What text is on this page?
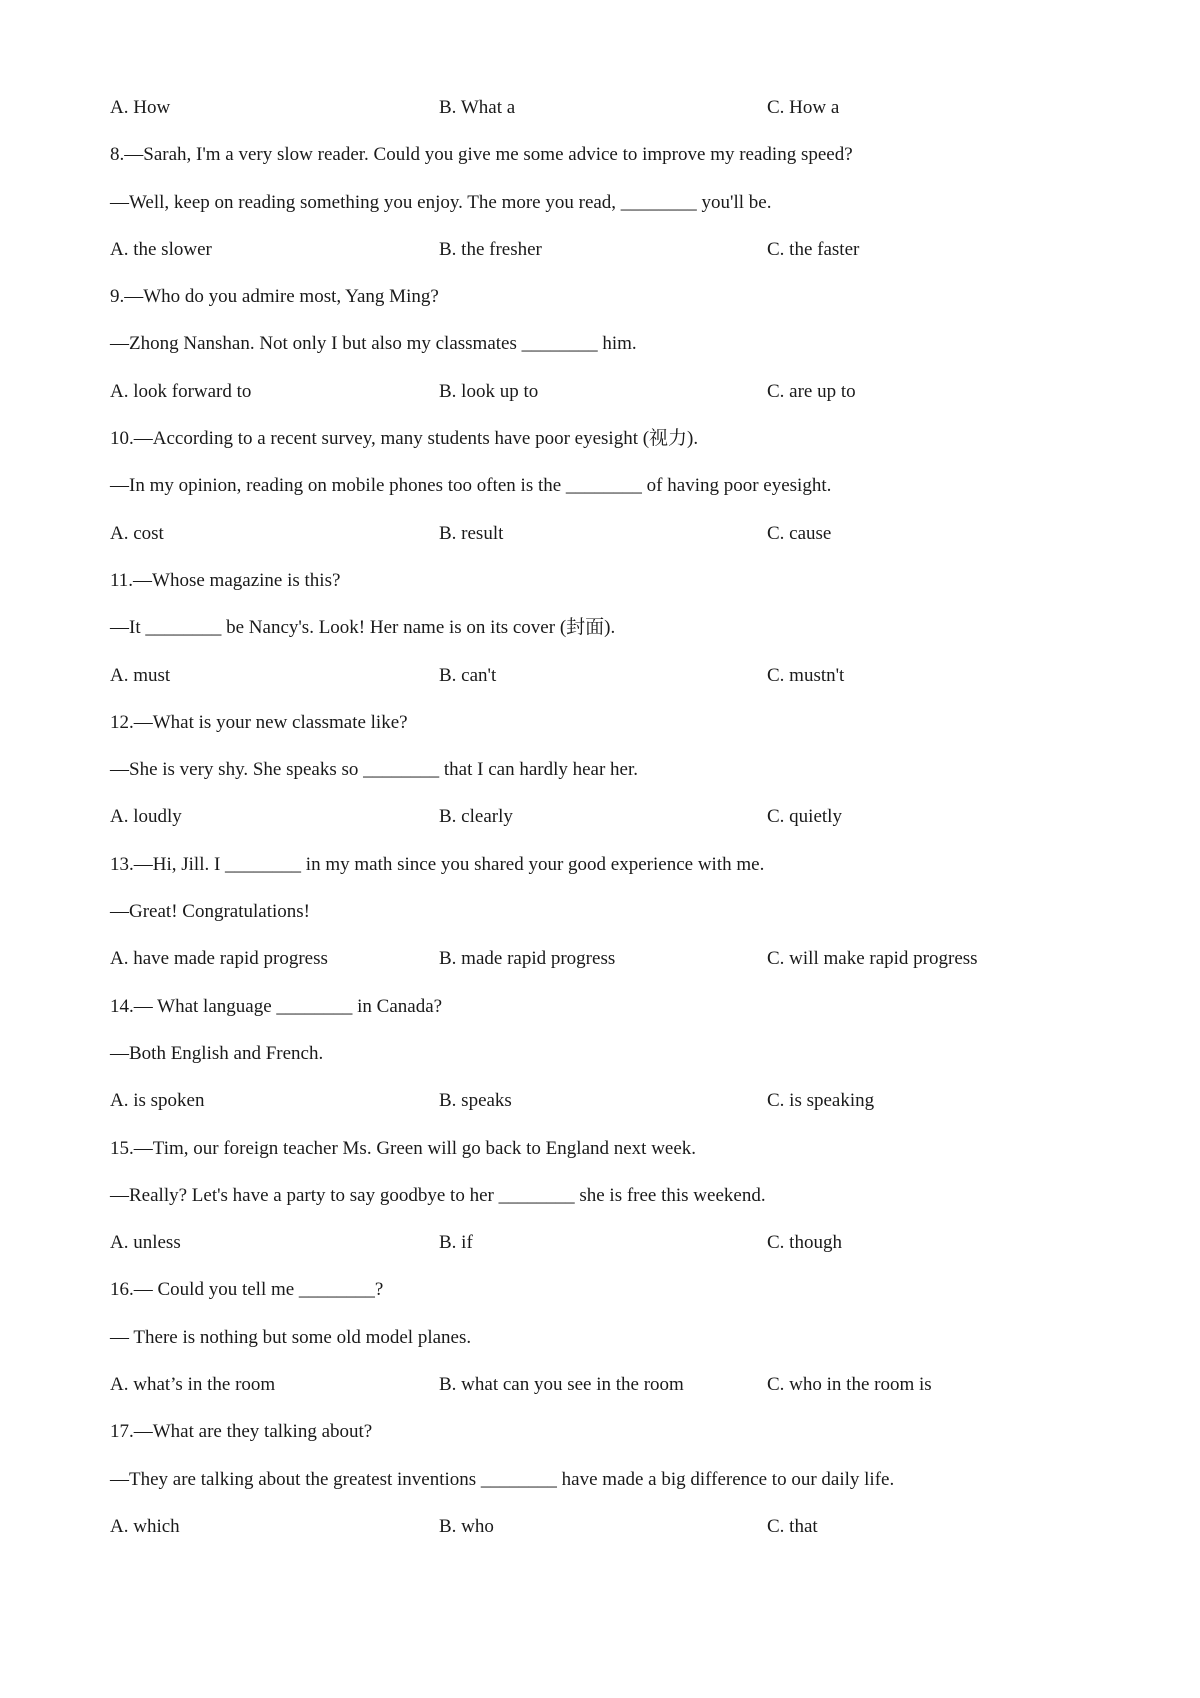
A. How	B. What a	C. How a
8.—Sarah, I'm a very slow reader. Could you give me some advice to improve my reading speed?
—Well, keep on reading something you enjoy. The more you read, ________ you'll be.
A. the slower	B. the fresher	C. the faster
9.—Who do you admire most, Yang Ming?
—Zhong Nanshan. Not only I but also my classmates ________ him.
A. look forward to	B. look up to	C. are up to
10.—According to a recent survey, many students have poor eyesight (视力).
—In my opinion, reading on mobile phones too often is the ________ of having poor eyesight.
A. cost	B. result	C. cause
11.—Whose magazine is this?
—It ________ be Nancy's. Look! Her name is on its cover (封面).
A. must	B. can't	C. mustn't
12.—What is your new classmate like?
—She is very shy. She speaks so ________ that I can hardly hear her.
A. loudly	B. clearly	C. quietly
13.—Hi, Jill. I ________ in my math since you shared your good experience with me.
—Great! Congratulations!
A. have made rapid progress	B. made rapid progress	C. will make rapid progress
14.— What language ________ in Canada?
—Both English and French.
A. is spoken	B. speaks	C. is speaking
15.—Tim, our foreign teacher Ms. Green will go back to England next week.
—Really? Let's have a party to say goodbye to her ________ she is free this weekend.
A. unless	B. if	C. though
16.— Could you tell me ________?
— There is nothing but some old model planes.
A. what’s in the room	B. what can you see in the room	C. who in the room is
17.—What are they talking about?
—They are talking about the greatest inventions ________ have made a big difference to our daily life.
A. which	B. who	C. that
